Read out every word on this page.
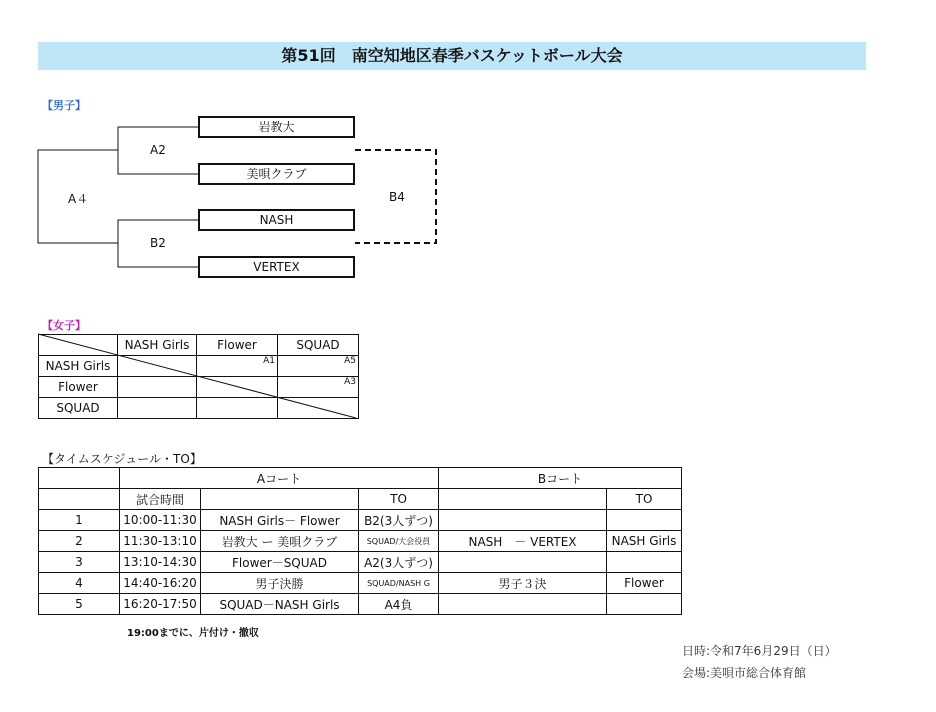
第51回　南空知地区春季バスケットボール大会
【男子】
岩教大
美唄クラブ
NASH
VERTEX
A2
B2
A４	B4
【女子】
	NASH Girls	Flower	SQUAD
NASH Girls		A1	A5
Flower			A3
SQUAD			
【タイムスケジュール・TO】
	Aコート			Bコート	
	試合時間		TO		TO
1	10:00-11:30	NASH Girls－ Flower	B2(3人ずつ)		
2	11:30-13:10	岩教大 ー 美唄クラブ	SQUAD/大会役員	NASH　－ VERTEX	NASH Girls
3	13:10-14:30	Flower－SQUAD	A2(3人ずつ)		
4	14:40-16:20	男子決勝	SQUAD/NASH G	男子３決	Flower
5	16:20-17:50	SQUAD－NASH Girls	A4負		
19:00までに、片付け・撤収
日時:令和7年6月29日（日）
会場:美唄市総合体育館
